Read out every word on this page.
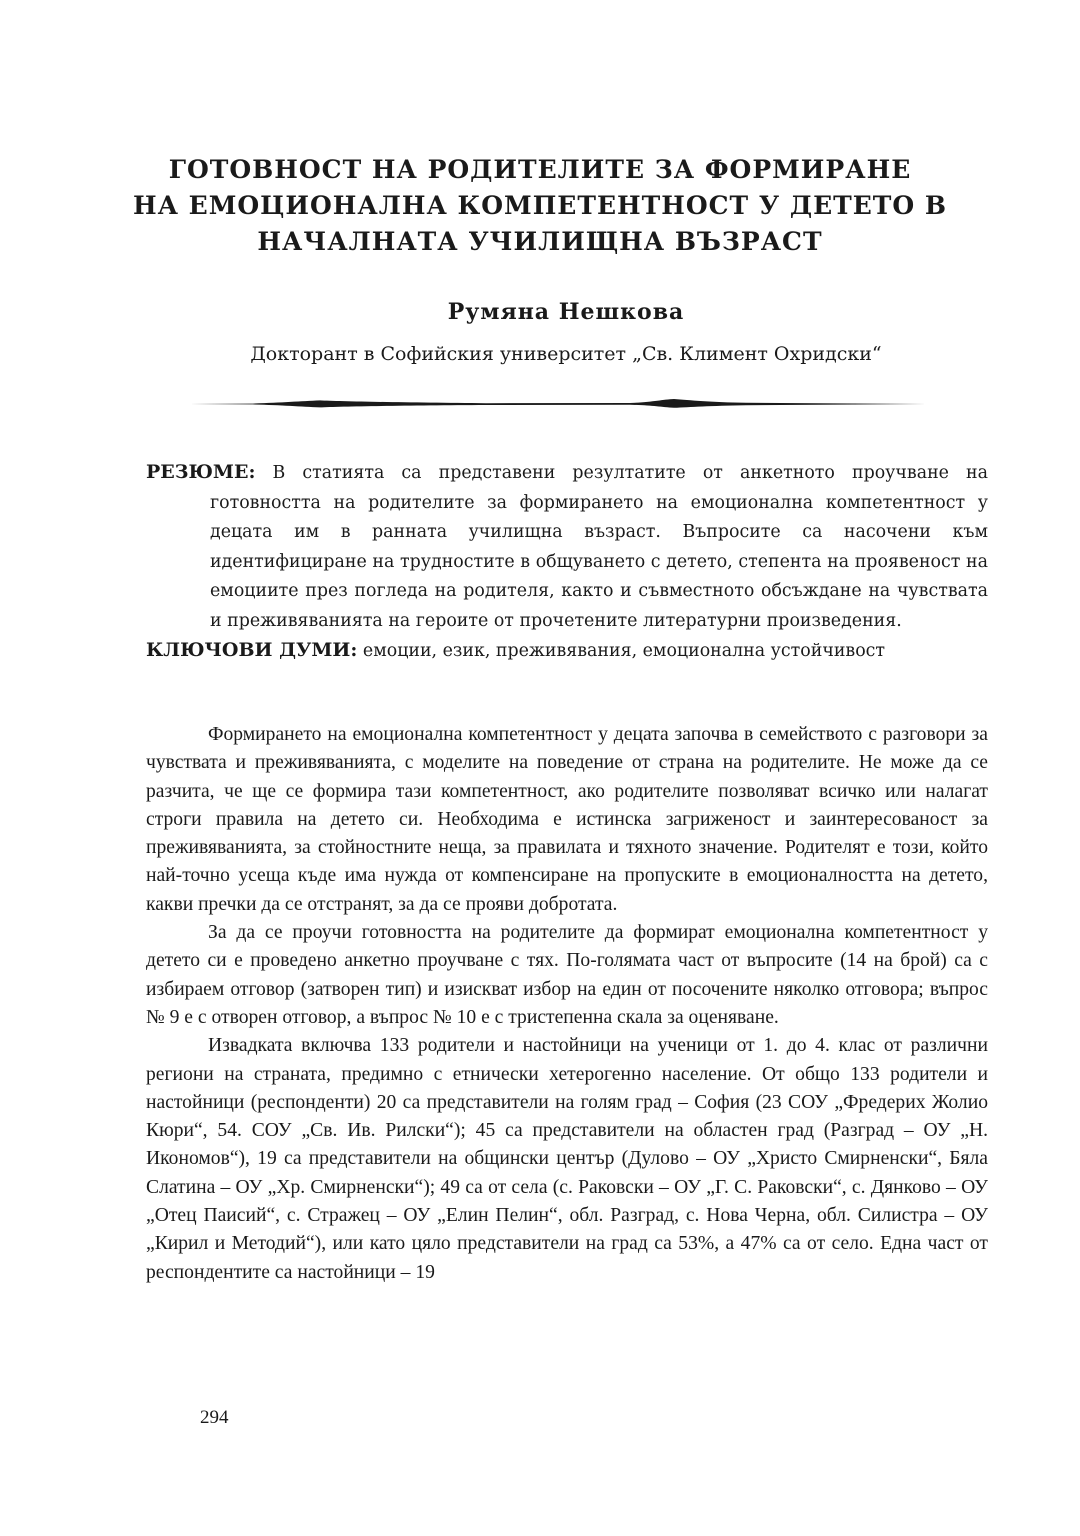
ГОТОВНОСТ НА РОДИТЕЛИТЕ ЗА ФОРМИРАНЕ
НА ЕМОЦИОНАЛНА КОМПЕТЕНТНОСТ У ДЕТЕТО В
НАЧАЛНАТА УЧИЛИЩНА ВЪЗРАСТ
Румяна Нешкова
Докторант в Софийския университет „Св. Климент Охридски“

РЕЗЮМЕ: В статията са представени резултатите от анкетното проучване на готовността на родителите за формирането на емоционална компетентност у децата им в ранната училищна възраст. Въпросите са насочени към идентифициране на трудностите в общуването с детето, степента на проявеност на емоциите през погледа на родителя, както и съвместното обсъждане на чувствата и преживяванията на героите от прочетените литературни произведения.

КЛЮЧОВИ ДУМИ: емоции, език, преживявания, емоционална устойчивост

Формирането на емоционална компетентност у децата започва в семейството с разговори за чувствата и преживяванията, с моделите на поведение от страна на родителите. Не може да се разчита, че ще се формира тази компетентност, ако родителите позволяват всичко или налагат строги правила на детето си. Необходима е истинска загриженост и заинтересованост за преживяванията, за стойностните неща, за правилата и тяхното значение. Родителят е този, който най-точно усеща къде има нужда от компенсиране на пропуските в емоционалността на детето, какви пречки да се отстранят, за да се прояви добротата.

За да се проучи готовността на родителите да формират емоционална компетентност у детето си е проведено анкетно проучване с тях. По-голямата част от въпросите (14 на брой) са с избираем отговор (затворен тип) и изискват избор на един от посочените няколко отговора; въпрос № 9 е с отворен отговор, а въпрос № 10 е с тристепенна скала за оценяване.

Извадката включва 133 родители и настойници на ученици от 1. до 4. клас от различни региони на страната, предимно с етнически хетерогенно население. От общо 133 родители и настойници (респонденти) 20 са представители на голям град – София (23 СОУ „Фредерих Жолио Кюри“, 54. СОУ „Св. Ив. Рилски“); 45 са представители на областен град (Разград – ОУ „Н. Икономов“), 19 са представители на общински център (Дулово – ОУ „Христо Смирненски“, Бяла Слатина – ОУ „Хр. Смирненски“); 49 са от села (с. Раковски – ОУ „Г. С. Раковски“, с. Дянково – ОУ „Отец Паисий“, с. Стражец – ОУ „Елин Пелин“, обл. Разград, с. Нова Черна, обл. Силистра – ОУ „Кирил и Методий“), или като цяло представители на град са 53%, а 47% са от село. Една част от респондентите са настойници – 19

294
